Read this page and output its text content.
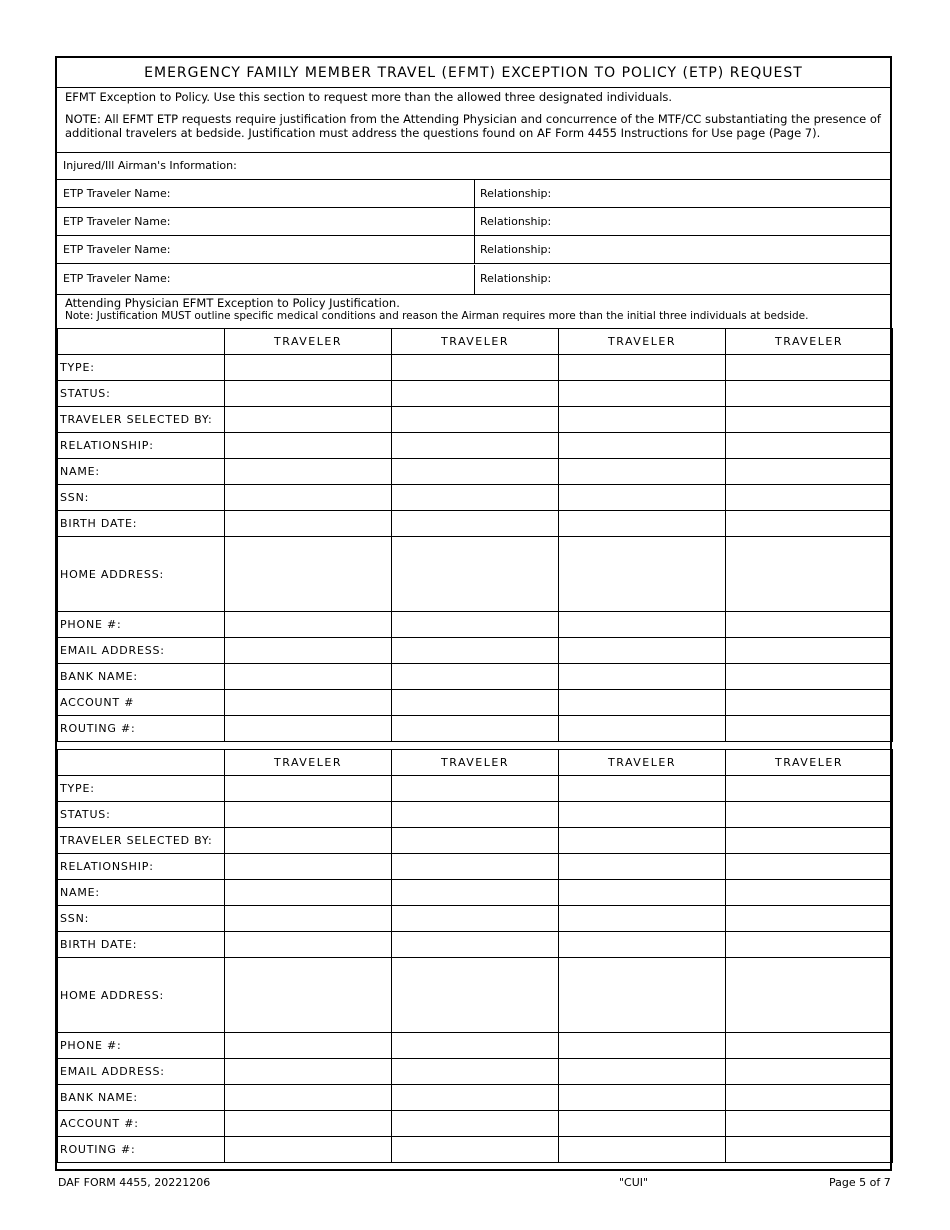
EMERGENCY FAMILY MEMBER TRAVEL (EFMT) EXCEPTION TO POLICY (ETP) REQUEST

EFMT Exception to Policy. Use this section to request more than the allowed three designated individuals.

NOTE: All EFMT ETP requests require justification from the Attending Physician and concurrence of the MTF/CC substantiating the presence of additional travelers at bedside. Justification must address the questions found on AF Form 4455 Instructions for Use page (Page 7).

Injured/Ill Airman's Information:
ETP Traveler Name:	Relationship:
ETP Traveler Name:	Relationship:
ETP Traveler Name:	Relationship:
ETP Traveler Name:	Relationship:
Attending Physician EFMT Exception to Policy Justification.
Note: Justification MUST outline specific medical conditions and reason the Airman requires more than the initial three individuals at bedside.
	TRAVELER	TRAVELER	TRAVELER	TRAVELER
TYPE:				
STATUS:				
TRAVELER SELECTED BY:				
RELATIONSHIP:				
NAME:				
SSN:				
BIRTH DATE:				
HOME ADDRESS:				
PHONE #:				
EMAIL ADDRESS:				
BANK NAME:				
ACCOUNT #				
ROUTING #:				
	TRAVELER	TRAVELER	TRAVELER	TRAVELER
TYPE:				
STATUS:				
TRAVELER SELECTED BY:				
RELATIONSHIP:				
NAME:				
SSN:				
BIRTH DATE:				
HOME ADDRESS:				
PHONE #:				
EMAIL ADDRESS:				
BANK NAME:				
ACCOUNT #:				
ROUTING #:				
DAF FORM 4455, 20221206	"CUI"	Page 5 of 7
